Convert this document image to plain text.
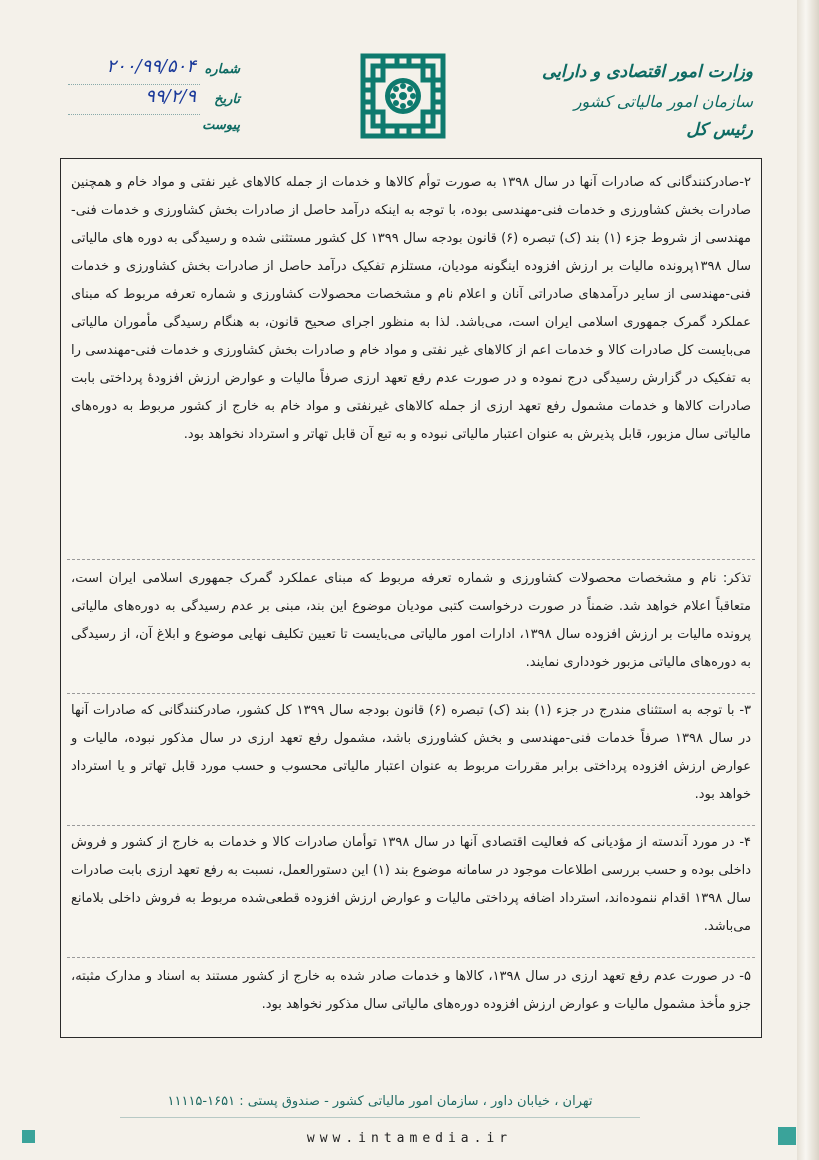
وزارت امور اقتصادی و دارایی
سازمان امور مالیاتی کشور
رئیس کل
شماره
۲۰۰/۹۹/۵۰۴
تاریخ
۹۹/۲/۹
پیوست
۲-صادرکنندگانی که صادرات آنها در سال ۱۳۹۸ به صورت توأم کالاها و خدمات از جمله کالاهای غیر نفتی و مواد خام و همچنین صادرات بخش کشاورزی و خدمات فنی-مهندسی بوده، با توجه به اینکه درآمد حاصل از صادرات بخش کشاورزی و خدمات فنی-مهندسی از شروط جزء (۱) بند (ک) تبصره (۶) قانون بودجه سال ۱۳۹۹ کل کشور مستثنی شده و رسیدگی به دوره های مالیاتی سال ۱۳۹۸پرونده مالیات بر ارزش افزوده اینگونه مودیان، مستلزم تفکیک درآمد حاصل از صادرات بخش کشاورزی و خدمات فنی-مهندسی از سایر درآمدهای صادراتی آنان و اعلام نام و مشخصات محصولات کشاورزی و شماره تعرفه مربوط که مبنای عملکرد گمرک جمهوری اسلامی ایران است، می‌باشد. لذا به منظور اجرای صحیح قانون، به هنگام رسیدگی مأموران مالیاتی می‌بایست کل صادرات کالا و خدمات اعم از کالاهای غیر نفتی و مواد خام و صادرات بخش کشاورزی و خدمات فنی-مهندسی را به تفکیک در گزارش رسیدگی درج نموده و در صورت عدم رفع تعهد ارزی صرفاً مالیات و عوارض ارزش افزودهٔ پرداختی بابت صادرات کالاها و خدمات مشمول رفع تعهد ارزی از جمله کالاهای غیرنفتی و مواد خام به خارج از کشور مربوط به دوره‌های مالیاتی سال مزبور، قابل پذیرش به عنوان اعتبار مالیاتی نبوده و به تبع آن قابل تهاتر و استرداد نخواهد بود.
تذکر: نام و مشخصات محصولات کشاورزی و شماره تعرفه مربوط که مبنای عملکرد گمرک جمهوری اسلامی ایران است، متعاقباً اعلام خواهد شد. ضمناً در صورت درخواست کتبی مودیان موضوع این بند، مبنی بر عدم رسیدگی به دوره‌های مالیاتی پرونده مالیات بر ارزش افزوده سال ۱۳۹۸، ادارات امور مالیاتی می‌بایست تا تعیین تکلیف نهایی موضوع و ابلاغ آن، از رسیدگی به دوره‌های مالیاتی مزبور خودداری نمایند.
۳- با توجه به استثنای مندرج در جزء (۱) بند (ک) تبصره (۶) قانون بودجه سال ۱۳۹۹ کل کشور، صادرکنندگانی که صادرات آنها در سال ۱۳۹۸ صرفاً خدمات فنی-مهندسی و بخش کشاورزی باشد، مشمول رفع تعهد ارزی در سال مذکور نبوده، مالیات و عوارض ارزش افزوده پرداختی برابر مقررات مربوط به عنوان اعتبار مالیاتی محسوب و حسب مورد قابل تهاتر و یا استرداد خواهد بود.
۴- در مورد آندسته از مؤدیانی که فعالیت اقتصادی آنها در سال ۱۳۹۸ توأمان صادرات کالا و خدمات به خارج از کشور و فروش داخلی بوده و حسب بررسی اطلاعات موجود در سامانه موضوع بند (۱) این دستورالعمل، نسبت به رفع تعهد ارزی بابت صادرات سال ۱۳۹۸ اقدام ننموده‌اند، استرداد اضافه پرداختی مالیات و عوارض ارزش افزوده قطعی‌شده مربوط به فروش داخلی بلامانع می‌باشد.
۵- در صورت عدم رفع تعهد ارزی در سال ۱۳۹۸، کالاها و خدمات صادر شده به خارج از کشور مستند به اسناد و مدارک مثبته، جزو مأخذ مشمول مالیات و عوارض ارزش افزوده دوره‌های مالیاتی سال مذکور نخواهد بود.
تهران ، خیابان داور ، سازمان امور مالیاتی کشور - صندوق پستی : ۱۶۵۱-۱۱۱۱۵
www.intamedia.ir
